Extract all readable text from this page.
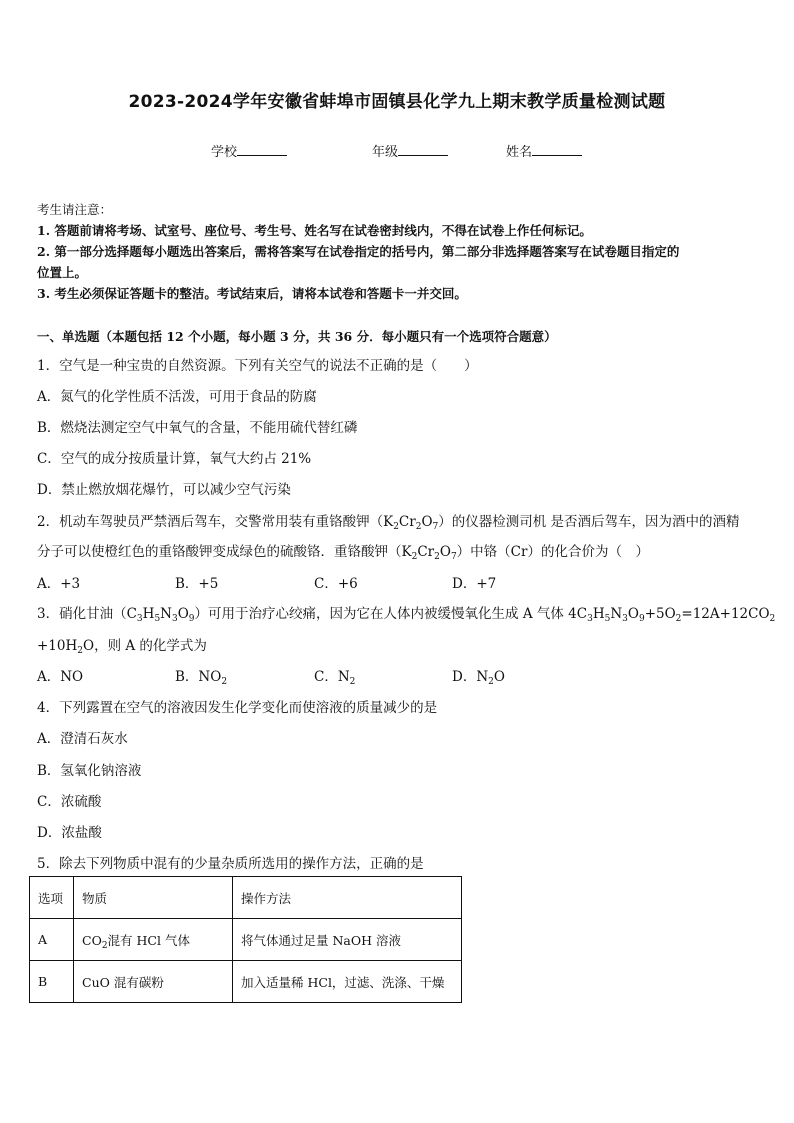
2023-2024学年安徽省蚌埠市固镇县化学九上期末教学质量检测试题
学校	年级	姓名
考生请注意：
1. 答题前请将考场、试室号、座位号、考生号、姓名写在试卷密封线内，不得在试卷上作任何标记。
2. 第一部分选择题每小题选出答案后，需将答案写在试卷指定的括号内，第二部分非选择题答案写在试卷题目指定的
位置上。
3. 考生必须保证答题卡的整洁。考试结束后，请将本试卷和答题卡一并交回。
一、单选题（本题包括 12 个小题，每小题 3 分，共 36 分．每小题只有一个选项符合题意）
1．空气是一种宝贵的自然资源。下列有关空气的说法不正确的是（　　）
A．氮气的化学性质不活泼，可用于食品的防腐
B．燃烧法测定空气中氧气的含量，不能用硫代替红磷
C．空气的成分按质量计算，氧气大约占 21%
D．禁止燃放烟花爆竹，可以减少空气污染
2．机动车驾驶员严禁酒后驾车，交警常用装有重铬酸钾$(K_2Cr_2O_7)$的仪器检测司机 是否酒后驾车，因为酒中的酒精
分子可以使橙红色的重铬酸钾变成绿色的硫酸铬．重铬酸钾$(K_2Cr_2O_7)$中铬（Cr）的化合价为（　）
A．+3	B．+5	C．+6	D．+7
3．硝化甘油$(C_3H_5N_3O_9)$可用于治疗心绞痛，因为它在人体内被缓慢氧化生成 A 气体 $4C_3H_5N_3O_9+5O_2=12A+12CO_2$
$+10H_2O$，则 A 的化学式为
A．NO	B．$NO_2$	C．$N_2$	D．$N_2O$
4．下列露置在空气的溶液因发生化学变化而使溶液的质量减少的是
A．澄清石灰水
B．氢氧化钠溶液
C．浓硫酸
D．浓盐酸
5．除去下列物质中混有的少量杂质所选用的操作方法，正确的是
选项	物质	操作方法
A	$CO_2$混有 HCl 气体	将气体通过足量 NaOH 溶液
B	CuO 混有碳粉	加入适量稀 HCl，过滤、洗涤、干燥
